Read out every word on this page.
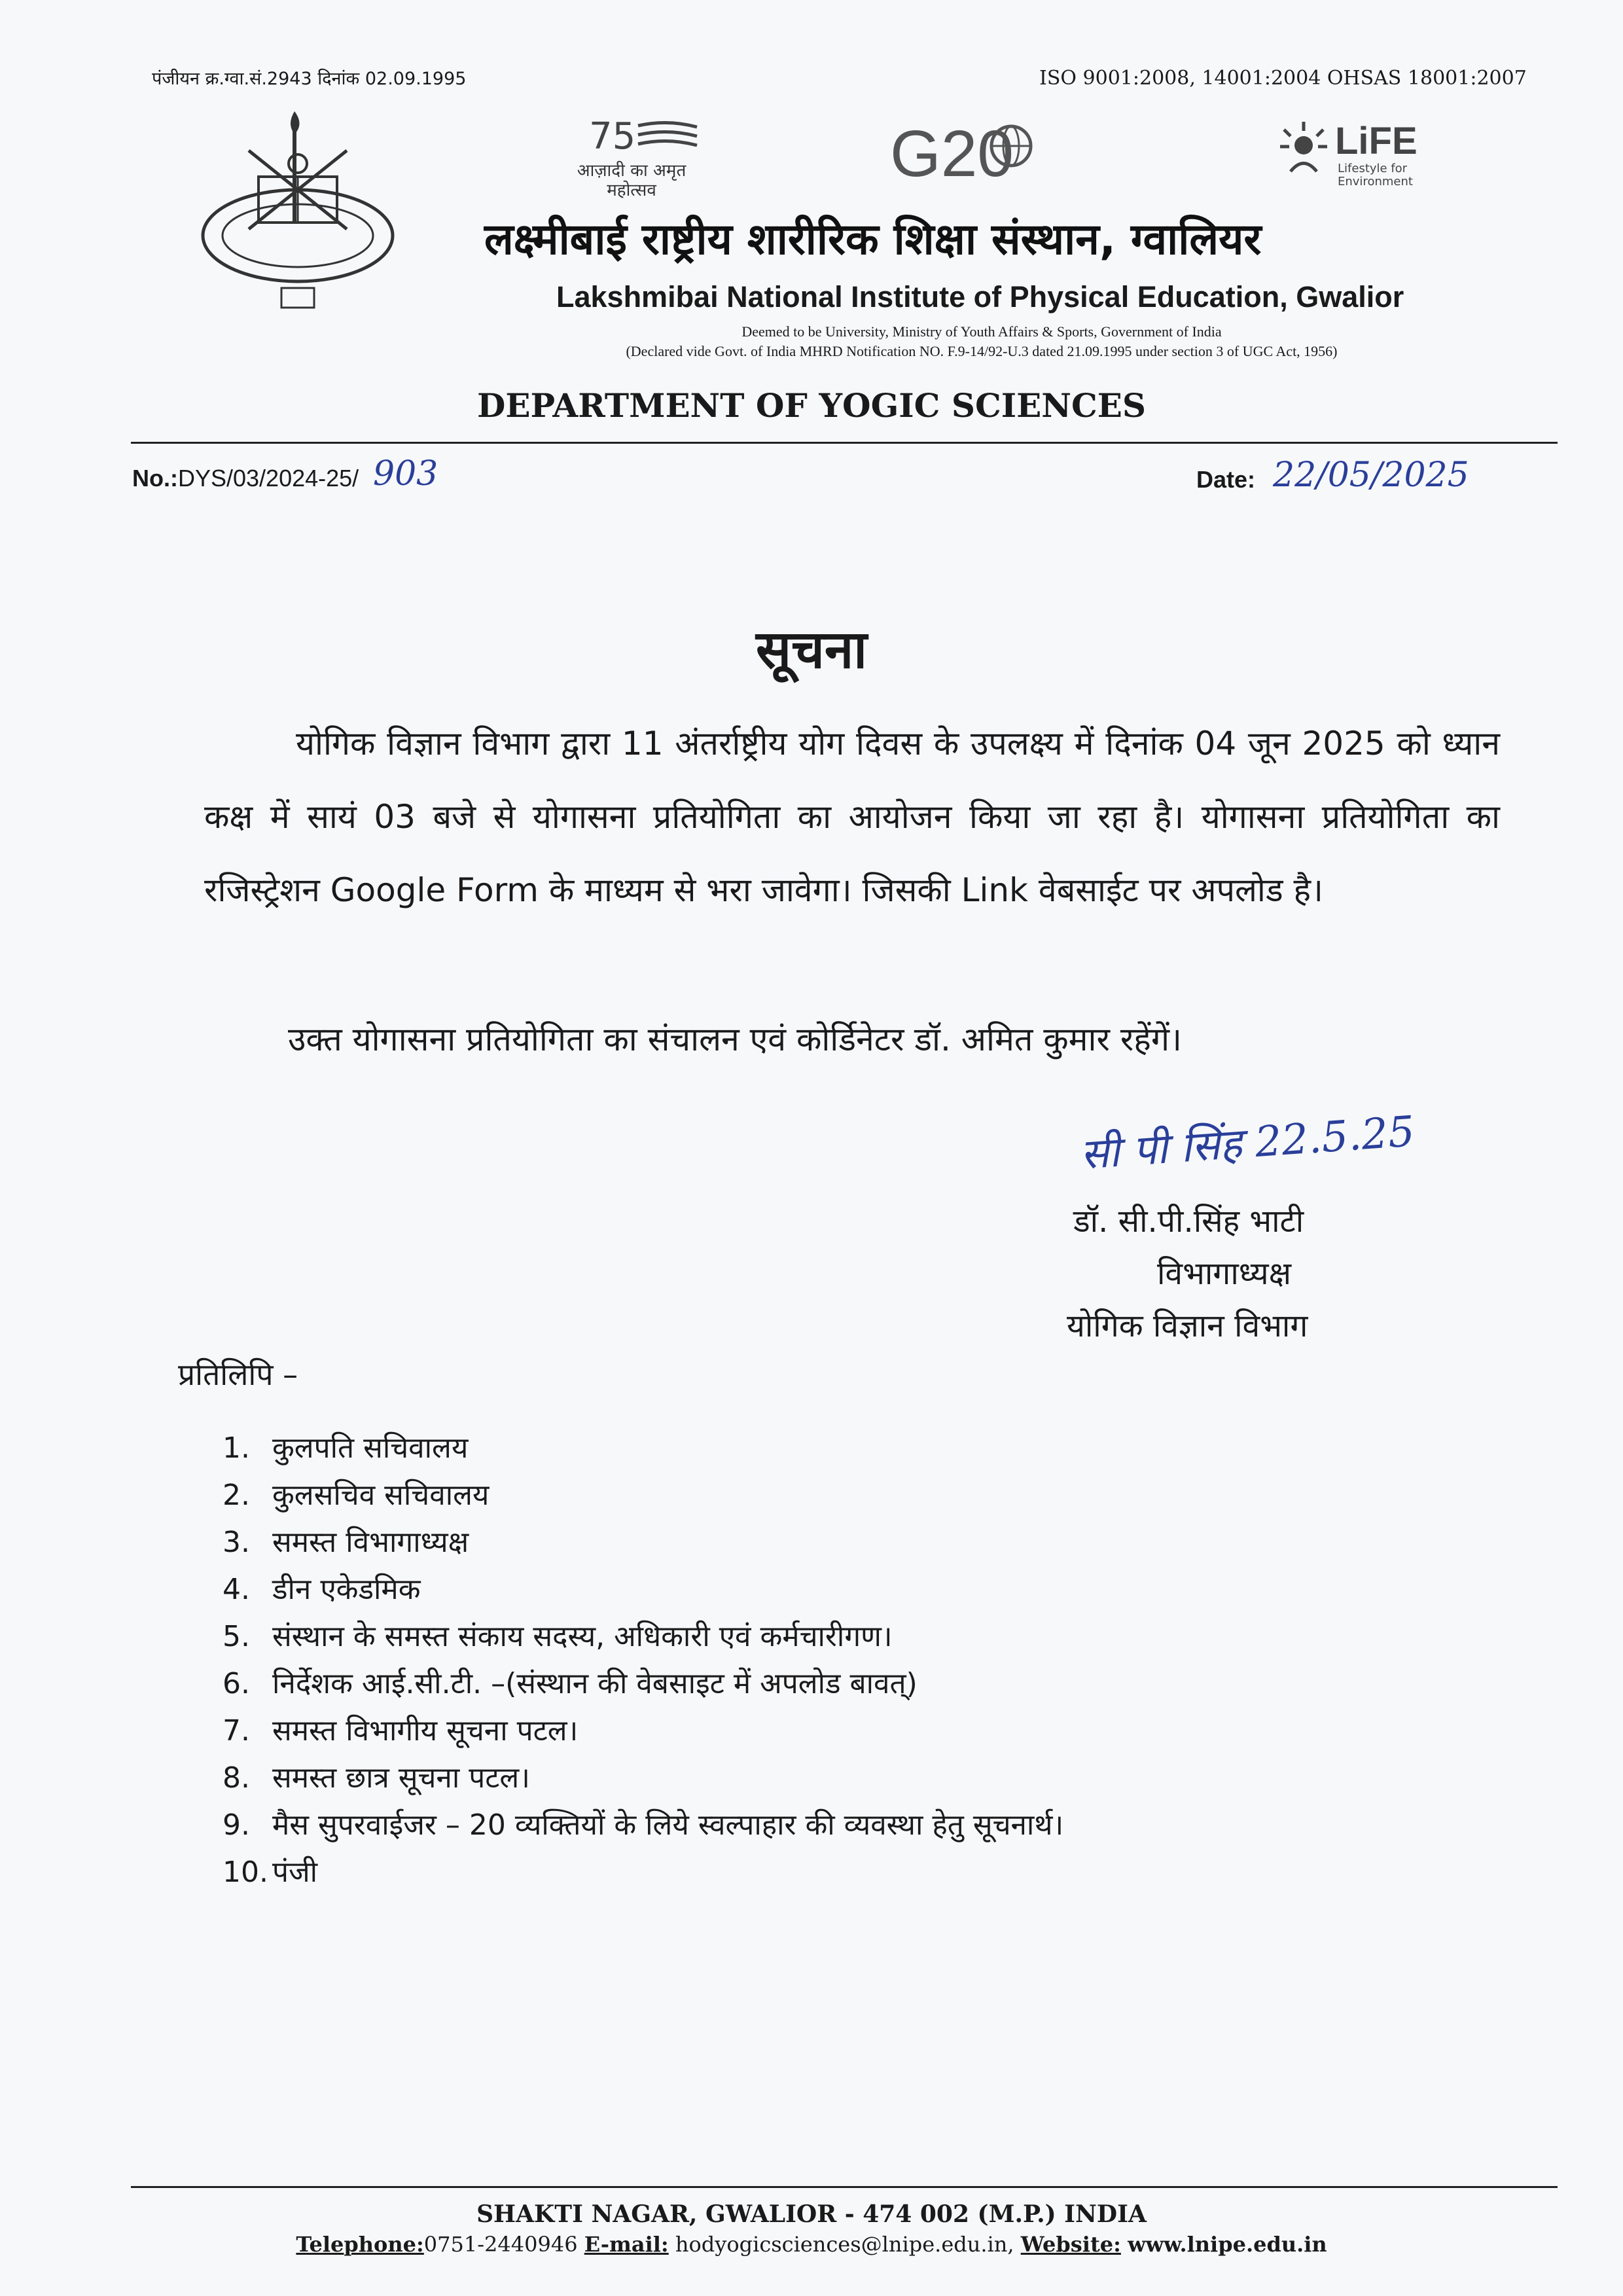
पंजीयन क्र.ग्वा.सं.2943 दिनांक 02.09.1995	ISO 9001:2008, 14001:2004 OHSAS 18001:2007
75
आज़ादी का अमृत महोत्सव	G20	LiFE
Lifestyle for Environment
लक्ष्मीबाई राष्ट्रीय शारीरिक शिक्षा संस्थान, ग्वालियर
Lakshmibai National Institute of Physical Education, Gwalior
Deemed to be University, Ministry of Youth Affairs & Sports, Government of India
(Declared vide Govt. of India MHRD Notification NO. F.9-14/92-U.3 dated 21.09.1995 under section 3 of UGC Act, 1956)
DEPARTMENT OF YOGIC SCIENCES
No.:DYS/03/2024-25/ 903	Date: 22/05/2025
सूचना
योगिक विज्ञान विभाग द्वारा 11 अंतर्राष्ट्रीय योग दिवस के उपलक्ष्य में दिनांक 04 जून 2025 को ध्यान कक्ष में सायं 03 बजे से योगासना प्रतियोगिता का आयोजन किया जा रहा है। योगासना प्रतियोगिता का रजिस्ट्रेशन Google Form के माध्यम से भरा जावेगा। जिसकी Link वेबसाईट पर अपलोड है।
उक्त योगासना प्रतियोगिता का संचालन एवं कोर्डिनेटर डॉ. अमित कुमार रहेंगें।
सी पी सिंह 22.5.25
डॉ. सी.पी.सिंह भाटी
विभागाध्यक्ष
योगिक विज्ञान विभाग
प्रतिलिपि –
1. कुलपति सचिवालय
2. कुलसचिव सचिवालय
3. समस्त विभागाध्यक्ष
4. डीन एकेडमिक
5. संस्थान के समस्त संकाय सदस्य, अधिकारी एवं कर्मचारीगण।
6. निर्देशक आई.सी.टी. –(संस्थान की वेबसाइट में अपलोड बावत्)
7. समस्त विभागीय सूचना पटल।
8. समस्त छात्र सूचना पटल।
9. मैस सुपरवाईजर – 20 व्यक्तियों के लिये स्वल्पाहार की व्यवस्था हेतु सूचनार्थ।
10. पंजी
SHAKTI NAGAR, GWALIOR - 474 002 (M.P.) INDIA
Telephone:0751-2440946 E-mail: hodyogicsciences@lnipe.edu.in, Website: www.lnipe.edu.in
